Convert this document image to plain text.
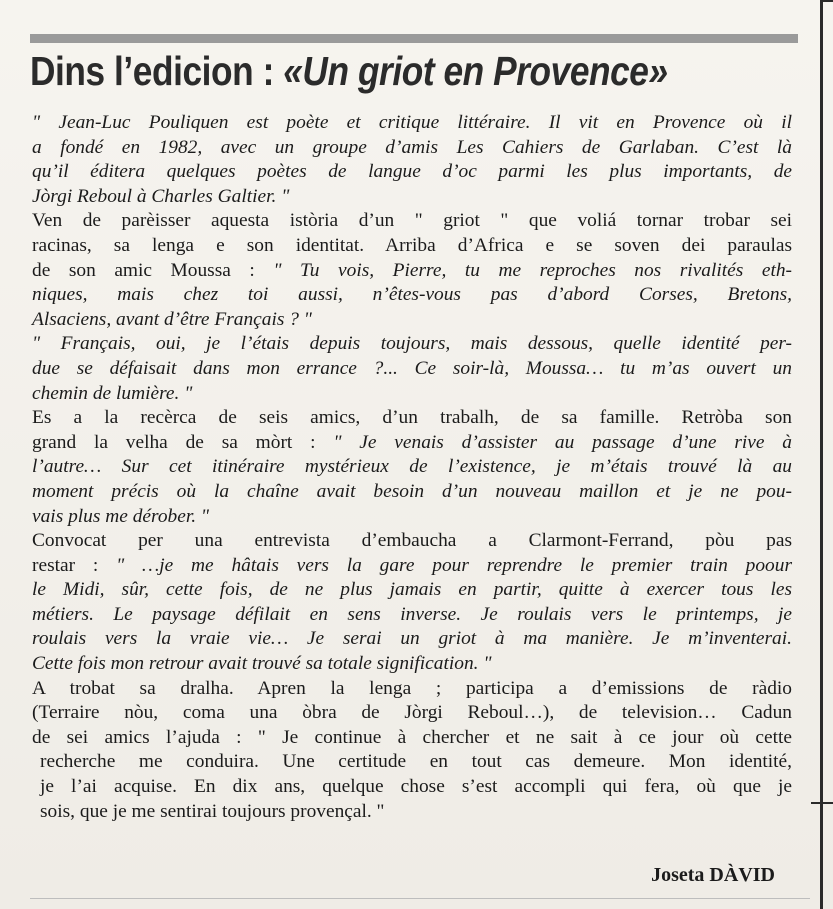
Dins l’edicion : «Un griot en Provence»
" Jean-Luc Pouliquen est poète et critique littéraire. Il vit en Provence où il
a fondé en 1982, avec un groupe d’amis Les Cahiers de Garlaban. C’est là
qu’il éditera quelques poètes de langue d’oc parmi les plus importants, de
Jòrgi Reboul à Charles Galtier. "
Ven de parèisser aquesta istòria d’un " griot " que voliá tornar trobar sei
racinas, sa lenga e son identitat. Arriba d’Africa e se soven dei paraulas
de son amic Moussa : " Tu vois, Pierre, tu me reproches nos rivalités eth-
niques, mais chez toi aussi, n’êtes-vous pas d’abord Corses, Bretons,
Alsaciens, avant d’être Français ? "
" Français, oui, je l’étais depuis toujours, mais dessous, quelle identité per-
due se défaisait dans mon errance ?... Ce soir-là, Moussa… tu m’as ouvert un
chemin de lumière. "
Es a la recèrca de seis amics, d’un trabalh, de sa famille. Retròba son
grand la velha de sa mòrt : " Je venais d’assister au passage d’une rive à
l’autre… Sur cet itinéraire mystérieux de l’existence, je m’étais trouvé là au
moment précis où la chaîne avait besoin d’un nouveau maillon et je ne pou-
vais plus me dérober. "
Convocat per una entrevista d’embaucha a Clarmont-Ferrand, pòu pas
restar : " …je me hâtais vers la gare pour reprendre le premier train poour
le Midi, sûr, cette fois, de ne plus jamais en partir, quitte à exercer tous les
métiers. Le paysage défilait en sens inverse. Je roulais vers le printemps, je
roulais vers la vraie vie… Je serai un griot à ma manière. Je m’inventerai.
Cette fois mon retrour avait trouvé sa totale signification. "
A trobat sa dralha. Apren la lenga ; participa a d’emissions de ràdio
(Terraire nòu, coma una òbra de Jòrgi Reboul…), de television… Cadun
de sei amics l’ajuda : " Je continue à chercher et ne sait à ce jour où cette
recherche me conduira. Une certitude en tout cas demeure. Mon identité,
je l’ai acquise. En dix ans, quelque chose s’est accompli qui fera, où que je
sois, que je me sentirai toujours provençal. "
Joseta DÀVID
